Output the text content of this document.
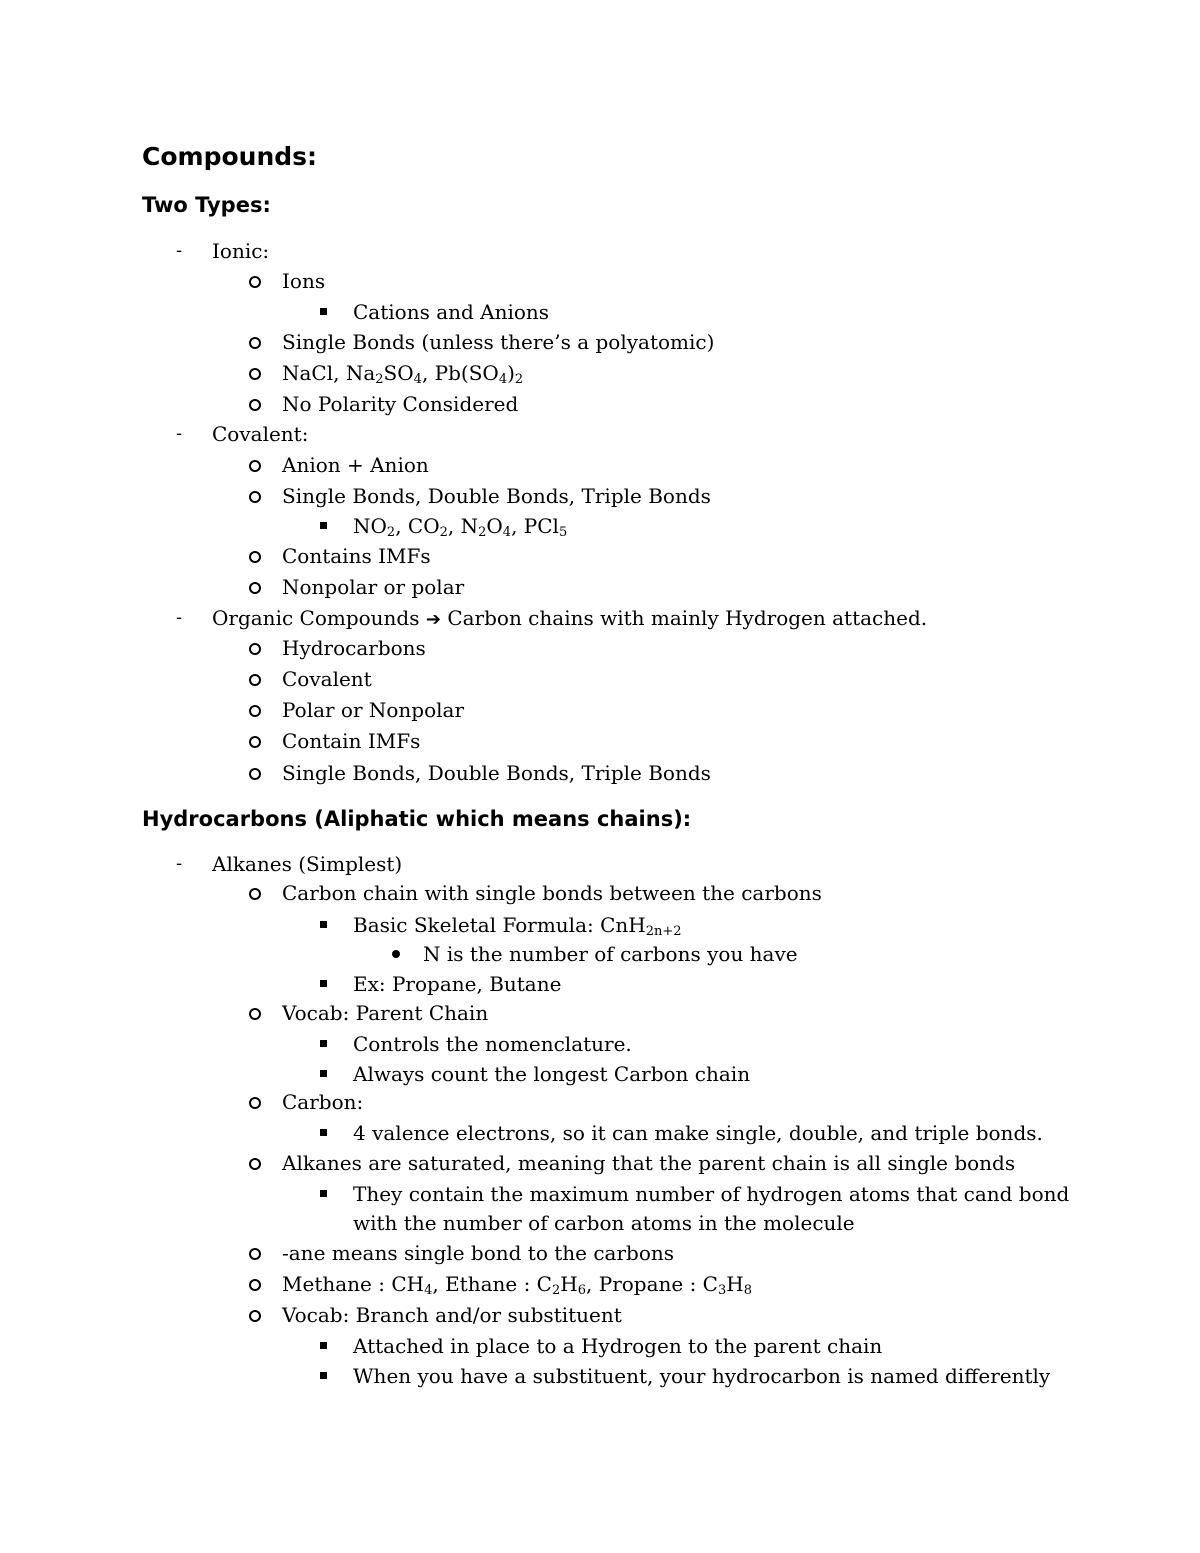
Compounds:
Two Types:
- Ionic:
Ions
Cations and Anions
Single Bonds (unless there’s a polyatomic)
NaCl, $Na_2SO_4$, $Pb(SO_4)_2$
No Polarity Considered
- Covalent:
Anion + Anion
Single Bonds, Double Bonds, Triple Bonds
$NO_2$, $CO_2$, $N_2O_4$, PCl$_5$
Contains IMFs
Nonpolar or polar
- Organic Compounds ➔ Carbon chains with mainly Hydrogen attached.
Hydrocarbons
Covalent
Polar or Nonpolar
Contain IMFs
Single Bonds, Double Bonds, Triple Bonds
Hydrocarbons (Aliphatic which means chains):
- Alkanes (Simplest)
Carbon chain with single bonds between the carbons
Basic Skeletal Formula: CnH$_{2n+2}$
N is the number of carbons you have
Ex: Propane, Butane
Vocab: Parent Chain
Controls the nomenclature.
Always count the longest Carbon chain
Carbon:
4 valence electrons, so it can make single, double, and triple bonds.
Alkanes are saturated, meaning that the parent chain is all single bonds
They contain the maximum number of hydrogen atoms that cand bond
with the number of carbon atoms in the molecule
-ane means single bond to the carbons
Methane : $CH_4$, Ethane : $C_2H_6$, Propane : $C_3H_8$
Vocab: Branch and/or substituent
Attached in place to a Hydrogen to the parent chain
When you have a substituent, your hydrocarbon is named differently
